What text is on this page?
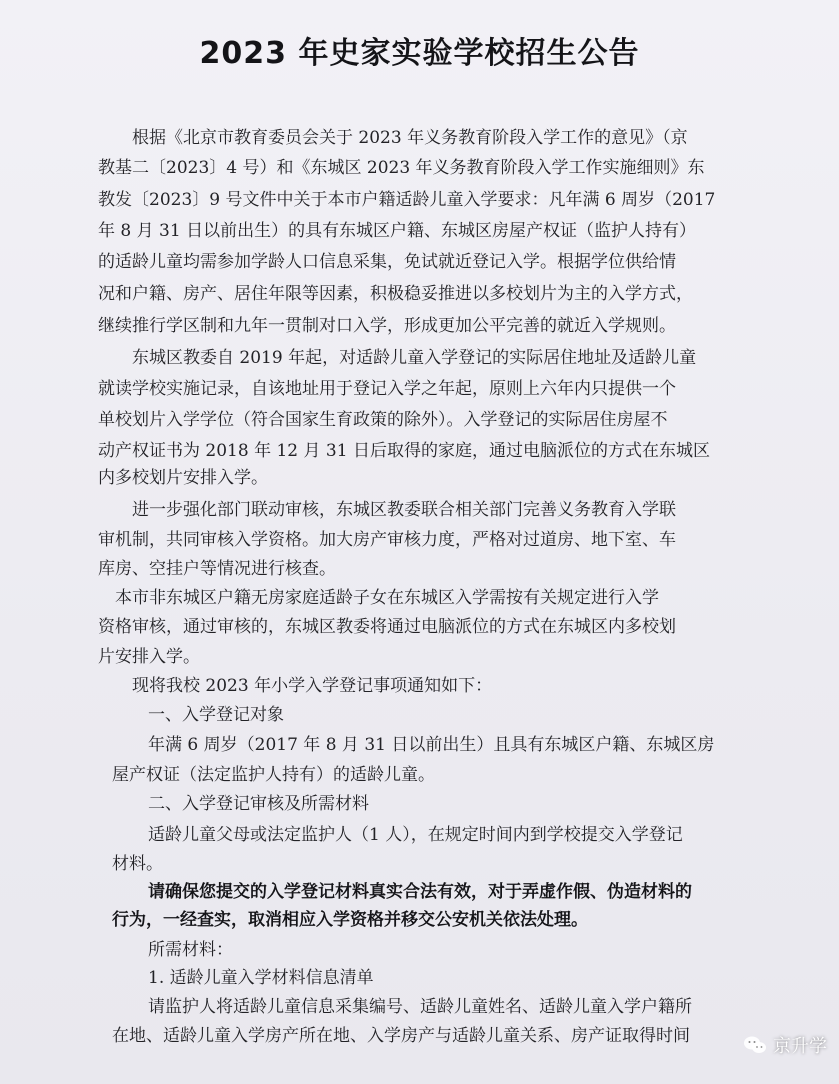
2023 年史家实验学校招生公告
根据《北京市教育委员会关于 2023 年义务教育阶段入学工作的意见》（京
教基二〔2023〕4 号）和《东城区 2023 年义务教育阶段入学工作实施细则》东
教发〔2023〕9 号文件中关于本市户籍适龄儿童入学要求：凡年满 6 周岁（2017
年 8 月 31 日以前出生）的具有东城区户籍、东城区房屋产权证（监护人持有）
的适龄儿童均需参加学龄人口信息采集，免试就近登记入学。根据学位供给情
况和户籍、房产、居住年限等因素，积极稳妥推进以多校划片为主的入学方式，
继续推行学区制和九年一贯制对口入学，形成更加公平完善的就近入学规则。
东城区教委自 2019 年起，对适龄儿童入学登记的实际居住地址及适龄儿童
就读学校实施记录，自该地址用于登记入学之年起，原则上六年内只提供一个
单校划片入学学位（符合国家生育政策的除外）。入学登记的实际居住房屋不
动产权证书为 2018 年 12 月 31 日后取得的家庭，通过电脑派位的方式在东城区
内多校划片安排入学。
进一步强化部门联动审核，东城区教委联合相关部门完善义务教育入学联
审机制，共同审核入学资格。加大房产审核力度，严格对过道房、地下室、车
库房、空挂户等情况进行核查。
本市非东城区户籍无房家庭适龄子女在东城区入学需按有关规定进行入学
资格审核，通过审核的，东城区教委将通过电脑派位的方式在东城区内多校划
片安排入学。
现将我校 2023 年小学入学登记事项通知如下：
一、入学登记对象
年满 6 周岁（2017 年 8 月 31 日以前出生）且具有东城区户籍、东城区房
屋产权证（法定监护人持有）的适龄儿童。
二、入学登记审核及所需材料
适龄儿童父母或法定监护人（1 人），在规定时间内到学校提交入学登记
材料。
请确保您提交的入学登记材料真实合法有效，对于弄虚作假、伪造材料的
行为，一经查实，取消相应入学资格并移交公安机关依法处理。
所需材料：
1. 适龄儿童入学材料信息清单
请监护人将适龄儿童信息采集编号、适龄儿童姓名、适龄儿童入学户籍所
在地、适龄儿童入学房产所在地、入学房产与适龄儿童关系、房产证取得时间	京升学
